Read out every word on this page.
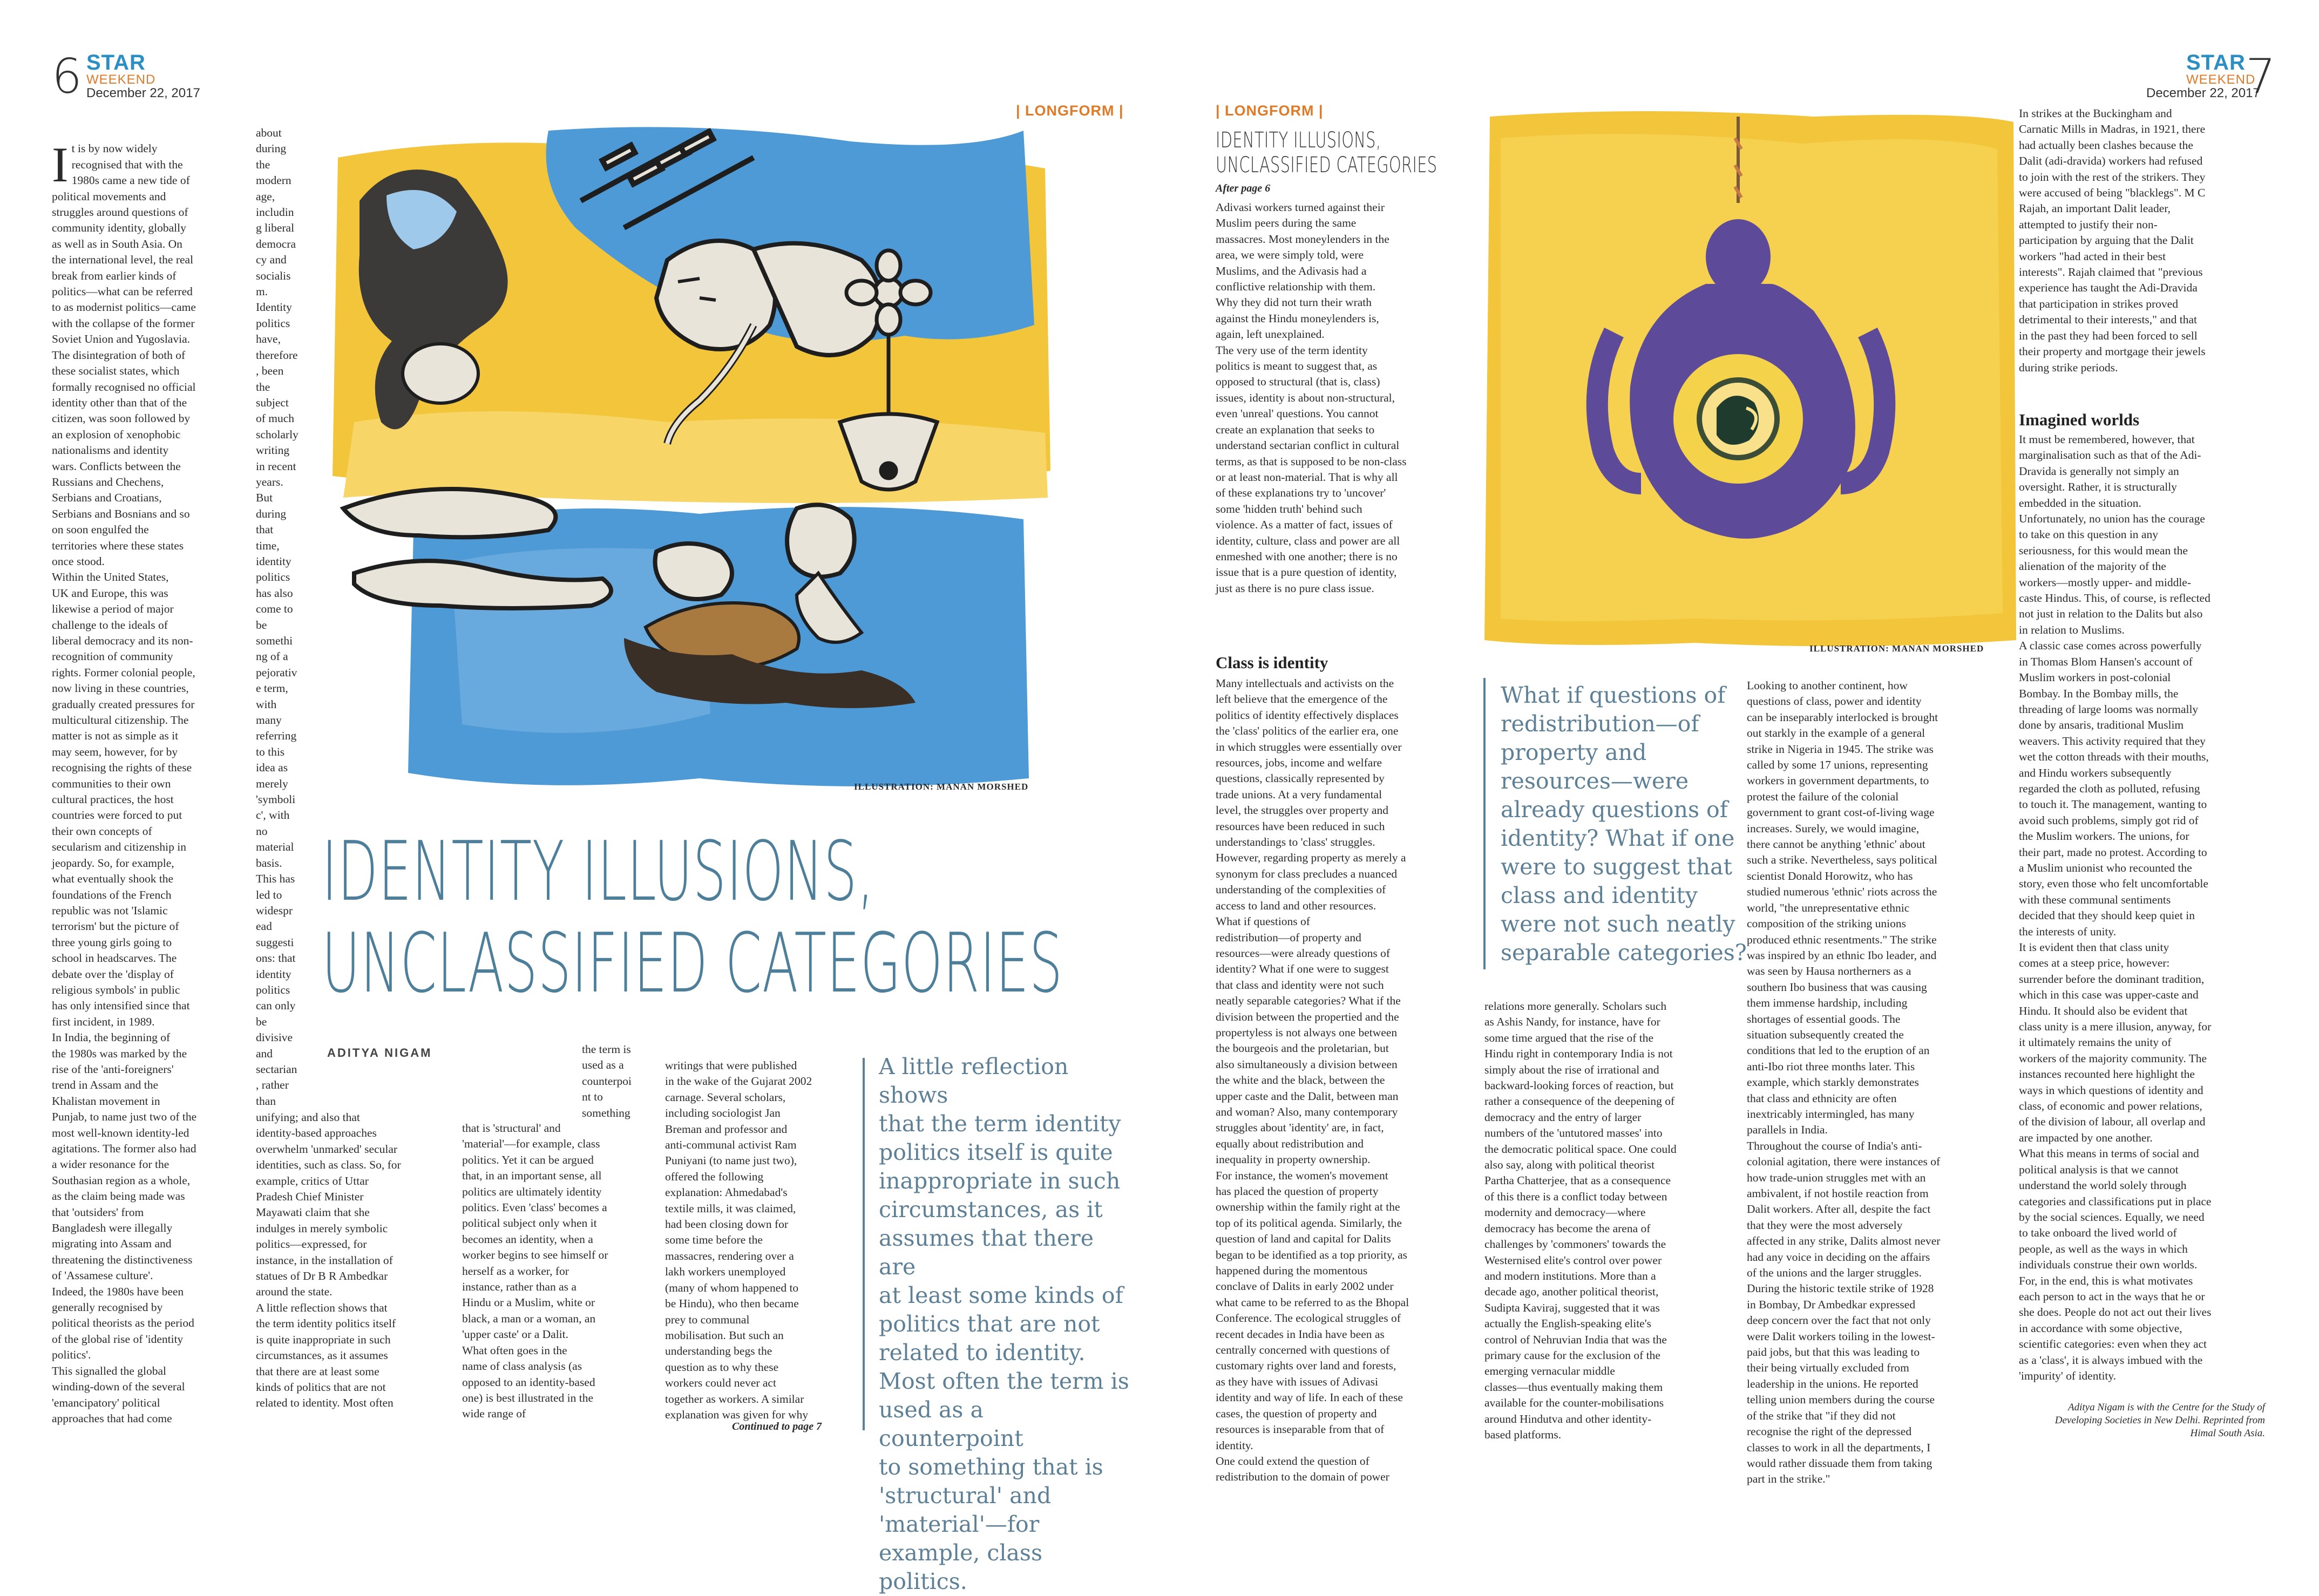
6 STAR
WEEKEND
December 22, 2017
| LONGFORM |
ILLUSTRATION: MANAN MORSHED
IDENTITY ILLUSIONS,
UNCLASSIFIED CATEGORIES
ADITYA NIGAM

It is by now widely
recognised that with the
1980s came a new tide of
political movements and
struggles around questions of
community identity, globally
as well as in South Asia. On
the international level, the real
break from earlier kinds of
politics—what can be referred
to as modernist politics—came
with the collapse of the former
Soviet Union and Yugoslavia.
The disintegration of both of
these socialist states, which
formally recognised no official
identity other than that of the
citizen, was soon followed by
an explosion of xenophobic
nationalisms and identity
wars. Conflicts between the
Russians and Chechens,
Serbians and Croatians,
Serbians and Bosnians and so
on soon engulfed the
territories where these states
once stood.
Within the United States,
UK and Europe, this was
likewise a period of major
challenge to the ideals of
liberal democracy and its non-
recognition of community
rights. Former colonial people,
now living in these countries,
gradually created pressures for
multicultural citizenship. The
matter is not as simple as it
may seem, however, for by
recognising the rights of these
communities to their own
cultural practices, the host
countries were forced to put
their own concepts of
secularism and citizenship in
jeopardy. So, for example,
what eventually shook the
foundations of the French
republic was not 'Islamic
terrorism' but the picture of
three young girls going to
school in headscarves. The
debate over the 'display of
religious symbols' in public
has only intensified since that
first incident, in 1989.
In India, the beginning of
the 1980s was marked by the
rise of the 'anti-foreigners'
trend in Assam and the
Khalistan movement in
Punjab, to name just two of the
most well-known identity-led
agitations. The former also had
a wider resonance for the
Southasian region as a whole,
as the claim being made was
that 'outsiders' from
Bangladesh were illegally
migrating into Assam and
threatening the distinctiveness
of 'Assamese culture'.
Indeed, the 1980s have been
generally recognised by
political theorists as the period
of the global rise of 'identity
politics'.
This signalled the global
winding-down of the several
'emancipatory' political
approaches that had come

about
during
the
modern
age,
includin
g liberal
democra
cy and
socialis
m.
Identity
politics
have,
therefore
, been
the
subject
of much
scholarly
writing
in recent
years.
But
during
that
time,
identity
politics
has also
come to
be
somethi
ng of a
pejorativ
e term,
with
many
referring
to this
idea as
merely
'symboli
c', with
no
material
basis.
This has
led to
widespr
ead
suggesti
ons: that
identity
politics
can only
be
divisive
and
sectarian
, rather
than
unifying; and also that
identity-based approaches
overwhelm 'unmarked' secular
identities, such as class. So, for
example, critics of Uttar
Pradesh Chief Minister
Mayawati claim that she
indulges in merely symbolic
politics—expressed, for
instance, in the installation of
statues of Dr B R Ambedkar
around the state.
A little reflection shows that
the term identity politics itself
is quite inappropriate in such
circumstances, as it assumes
that there are at least some
kinds of politics that are not
related to identity. Most often
the term is
used as a
counterpoi
nt to
something
that is 'structural' and
'material'—for example, class
politics. Yet it can be argued
that, in an important sense, all
politics are ultimately identity
politics. Even 'class' becomes a
political subject only when it
becomes an identity, when a
worker begins to see himself or
herself as a worker, for
instance, rather than as a
Hindu or a Muslim, white or
black, a man or a woman, an
'upper caste' or a Dalit.
What often goes in the
name of class analysis (as
opposed to an identity-based
one) is best illustrated in the
wide range of
writings that were published
in the wake of the Gujarat 2002
carnage. Several scholars,
including sociologist Jan
Breman and professor and
anti-communal activist Ram
Puniyani (to name just two),
offered the following
explanation: Ahmedabad's
textile mills, it was claimed,
had been closing down for
some time before the
massacres, rendering over a
lakh workers unemployed
(many of whom happened to
be Hindu), who then became
prey to communal
mobilisation. But such an
understanding begs the
question as to why these
workers could never act
together as workers. A similar
explanation was given for why
Continued to page 7
A little reflection shows
that the term identity
politics itself is quite
inappropriate in such
circumstances, as it
assumes that there are
at least some kinds of
politics that are not
related to identity.
Most often the term is
used as a counterpoint
to something that is
'structural' and
'material'—for
example, class politics.
STAR
WEEKEND
December 22, 2017
7
| LONGFORM |
IDENTITY ILLUSIONS,
UNCLASSIFIED CATEGORIES
After page 6
Adivasi workers turned against their
Muslim peers during the same
massacres. Most moneylenders in the
area, we were simply told, were
Muslims, and the Adivasis had a
conflictive relationship with them.
Why they did not turn their wrath
against the Hindu moneylenders is,
again, left unexplained.
The very use of the term identity
politics is meant to suggest that, as
opposed to structural (that is, class)
issues, identity is about non-structural,
even 'unreal' questions. You cannot
create an explanation that seeks to
understand sectarian conflict in cultural
terms, as that is supposed to be non-class
or at least non-material. That is why all
of these explanations try to 'uncover'
some 'hidden truth' behind such
violence. As a matter of fact, issues of
identity, culture, class and power are all
enmeshed with one another; there is no
issue that is a pure question of identity,
just as there is no pure class issue.
Class is identity
Many intellectuals and activists on the
left believe that the emergence of the
politics of identity effectively displaces
the 'class' politics of the earlier era, one
in which struggles were essentially over
resources, jobs, income and welfare
questions, classically represented by
trade unions. At a very fundamental
level, the struggles over property and
resources have been reduced in such
understandings to 'class' struggles.
However, regarding property as merely a
synonym for class precludes a nuanced
understanding of the complexities of
access to land and other resources.
What if questions of
redistribution—of property and
resources—were already questions of
identity? What if one were to suggest
that class and identity were not such
neatly separable categories? What if the
division between the propertied and the
propertyless is not always one between
the bourgeois and the proletarian, but
also simultaneously a division between
the white and the black, between the
upper caste and the Dalit, between man
and woman? Also, many contemporary
struggles about 'identity' are, in fact,
equally about redistribution and
inequality in property ownership.
For instance, the women's movement
has placed the question of property
ownership within the family right at the
top of its political agenda. Similarly, the
question of land and capital for Dalits
began to be identified as a top priority, as
happened during the momentous
conclave of Dalits in early 2002 under
what came to be referred to as the Bhopal
Conference. The ecological struggles of
recent decades in India have been as
centrally concerned with questions of
customary rights over land and forests,
as they have with issues of Adivasi
identity and way of life. In each of these
cases, the question of property and
resources is inseparable from that of
identity.
One could extend the question of
redistribution to the domain of power
ILLUSTRATION: MANAN MORSHED
What if questions of
redistribution—of
property and
resources—were
already questions of
identity? What if one
were to suggest that
class and identity
were not such neatly
separable categories?
relations more generally. Scholars such
as Ashis Nandy, for instance, have for
some time argued that the rise of the
Hindu right in contemporary India is not
simply about the rise of irrational and
backward-looking forces of reaction, but
rather a consequence of the deepening of
democracy and the entry of larger
numbers of the 'untutored masses' into
the democratic political space. One could
also say, along with political theorist
Partha Chatterjee, that as a consequence
of this there is a conflict today between
modernity and democracy—where
democracy has become the arena of
challenges by 'commoners' towards the
Westernised elite's control over power
and modern institutions. More than a
decade ago, another political theorist,
Sudipta Kaviraj, suggested that it was
actually the English-speaking elite's
control of Nehruvian India that was the
primary cause for the exclusion of the
emerging vernacular middle
classes—thus eventually making them
available for the counter-mobilisations
around Hindutva and other identity-
based platforms.
Looking to another continent, how
questions of class, power and identity
can be inseparably interlocked is brought
out starkly in the example of a general
strike in Nigeria in 1945. The strike was
called by some 17 unions, representing
workers in government departments, to
protest the failure of the colonial
government to grant cost-of-living wage
increases. Surely, we would imagine,
there cannot be anything 'ethnic' about
such a strike. Nevertheless, says political
scientist Donald Horowitz, who has
studied numerous 'ethnic' riots across the
world, "the unrepresentative ethnic
composition of the striking unions
produced ethnic resentments." The strike
was inspired by an ethnic Ibo leader, and
was seen by Hausa northerners as a
southern Ibo business that was causing
them immense hardship, including
shortages of essential goods. The
situation subsequently created the
conditions that led to the eruption of an
anti-Ibo riot three months later. This
example, which starkly demonstrates
that class and ethnicity are often
inextricably intermingled, has many
parallels in India.
Throughout the course of India's anti-
colonial agitation, there were instances of
how trade-union struggles met with an
ambivalent, if not hostile reaction from
Dalit workers. After all, despite the fact
that they were the most adversely
affected in any strike, Dalits almost never
had any voice in deciding on the affairs
of the unions and the larger struggles.
During the historic textile strike of 1928
in Bombay, Dr Ambedkar expressed
deep concern over the fact that not only
were Dalit workers toiling in the lowest-
paid jobs, but that this was leading to
their being virtually excluded from
leadership in the unions. He reported
telling union members during the course
of the strike that "if they did not
recognise the right of the depressed
classes to work in all the departments, I
would rather dissuade them from taking
part in the strike."
In strikes at the Buckingham and
Carnatic Mills in Madras, in 1921, there
had actually been clashes because the
Dalit (adi-dravida) workers had refused
to join with the rest of the strikers. They
were accused of being "blacklegs". M C
Rajah, an important Dalit leader,
attempted to justify their non-
participation by arguing that the Dalit
workers "had acted in their best
interests". Rajah claimed that "previous
experience has taught the Adi-Dravida
that participation in strikes proved
detrimental to their interests," and that
in the past they had been forced to sell
their property and mortgage their jewels
during strike periods.
Imagined worlds
It must be remembered, however, that
marginalisation such as that of the Adi-
Dravida is generally not simply an
oversight. Rather, it is structurally
embedded in the situation.
Unfortunately, no union has the courage
to take on this question in any
seriousness, for this would mean the
alienation of the majority of the
workers—mostly upper- and middle-
caste Hindus. This, of course, is reflected
not just in relation to the Dalits but also
in relation to Muslims.
A classic case comes across powerfully
in Thomas Blom Hansen's account of
Muslim workers in post-colonial
Bombay. In the Bombay mills, the
threading of large looms was normally
done by ansaris, traditional Muslim
weavers. This activity required that they
wet the cotton threads with their mouths,
and Hindu workers subsequently
regarded the cloth as polluted, refusing
to touch it. The management, wanting to
avoid such problems, simply got rid of
the Muslim workers. The unions, for
their part, made no protest. According to
a Muslim unionist who recounted the
story, even those who felt uncomfortable
with these communal sentiments
decided that they should keep quiet in
the interests of unity.
It is evident then that class unity
comes at a steep price, however:
surrender before the dominant tradition,
which in this case was upper-caste and
Hindu. It should also be evident that
class unity is a mere illusion, anyway, for
it ultimately remains the unity of
workers of the majority community. The
instances recounted here highlight the
ways in which questions of identity and
class, of economic and power relations,
of the division of labour, all overlap and
are impacted by one another.
What this means in terms of social and
political analysis is that we cannot
understand the world solely through
categories and classifications put in place
by the social sciences. Equally, we need
to take onboard the lived world of
people, as well as the ways in which
individuals construe their own worlds.
For, in the end, this is what motivates
each person to act in the ways that he or
she does. People do not act out their lives
in accordance with some objective,
scientific categories: even when they act
as a 'class', it is always imbued with the
'impurity' of identity.
Aditya Nigam is with the Centre for the Study of
Developing Societies in New Delhi. Reprinted from
Himal South Asia.
